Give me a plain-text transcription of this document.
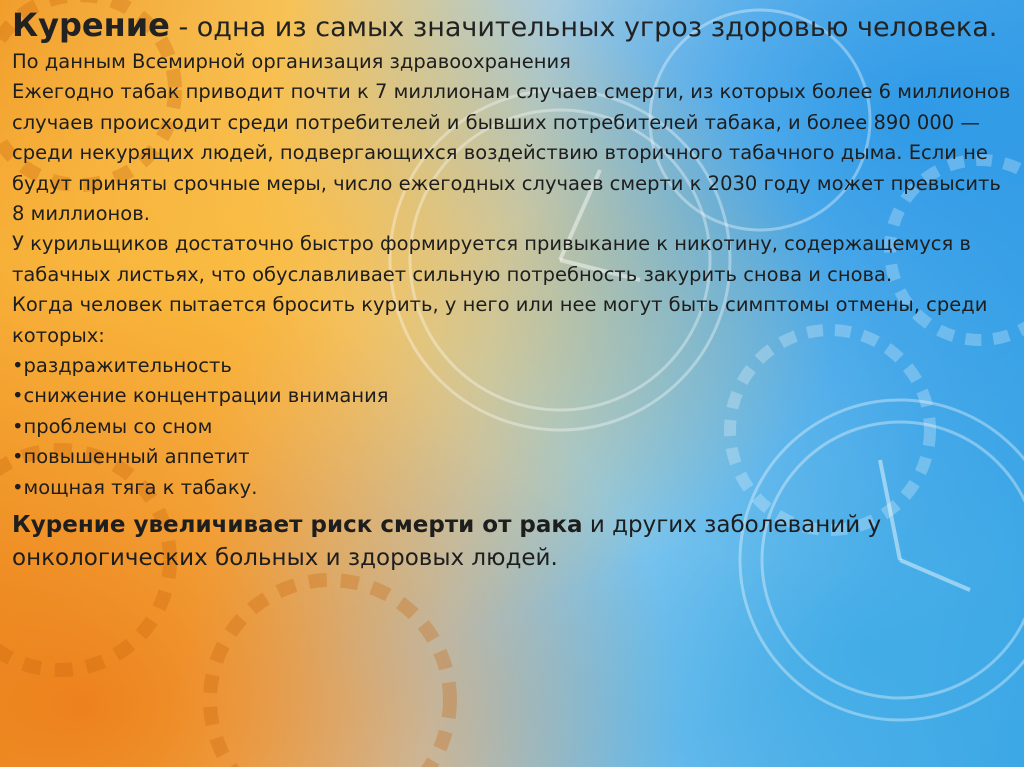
Курение - одна из самых значительных угроз здоровью человека.

По данным Всемирной организация здравоохранения

Ежегодно табак приводит почти к 7 миллионам случаев смерти, из которых более 6 миллионов случаев происходит среди потребителей и бывших потребителей табака, и более 890 000 — среди некурящих людей, подвергающихся воздействию вторичного табачного дыма. Если не будут приняты срочные меры, число ежегодных случаев смерти к 2030 году может превысить 8 миллионов.

У курильщиков достаточно быстро формируется привыкание к никотину, содержащемуся в табачных листьях, что обуславливает сильную потребность закурить снова и снова.

Когда человек пытается бросить курить, у него или нее могут быть симптомы отмены, среди которых:

•раздражительность
•снижение концентрации внимания
•проблемы со сном
•повышенный аппетит
•мощная тяга к табаку.

Курение увеличивает риск смерти от рака и других заболеваний у онкологических больных и здоровых людей.
